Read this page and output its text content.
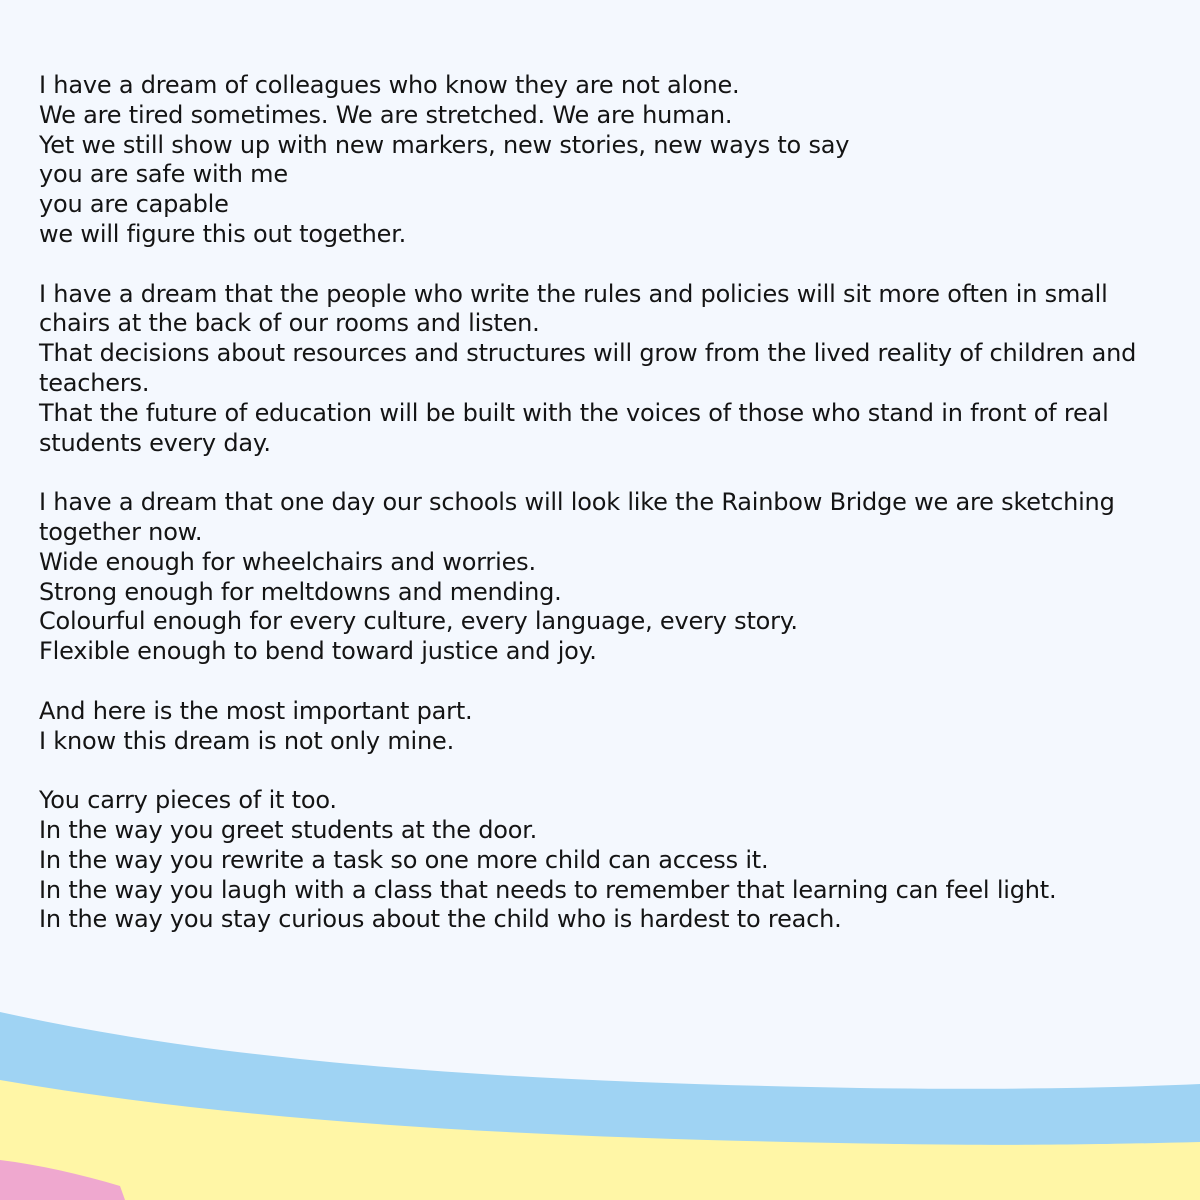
I have a dream of colleagues who know they are not alone.
We are tired sometimes. We are stretched. We are human.
Yet we still show up with new markers, new stories, new ways to say
you are safe with me
you are capable
we will figure this out together.
I have a dream that the people who write the rules and policies will sit more often in small chairs at the back of our rooms and listen.
That decisions about resources and structures will grow from the lived reality of children and teachers.
That the future of education will be built with the voices of those who stand in front of real students every day.
I have a dream that one day our schools will look like the Rainbow Bridge we are sketching together now.
Wide enough for wheelchairs and worries.
Strong enough for meltdowns and mending.
Colourful enough for every culture, every language, every story.
Flexible enough to bend toward justice and joy.
And here is the most important part.
I know this dream is not only mine.
You carry pieces of it too.
In the way you greet students at the door.
In the way you rewrite a task so one more child can access it.
In the way you laugh with a class that needs to remember that learning can feel light.
In the way you stay curious about the child who is hardest to reach.
